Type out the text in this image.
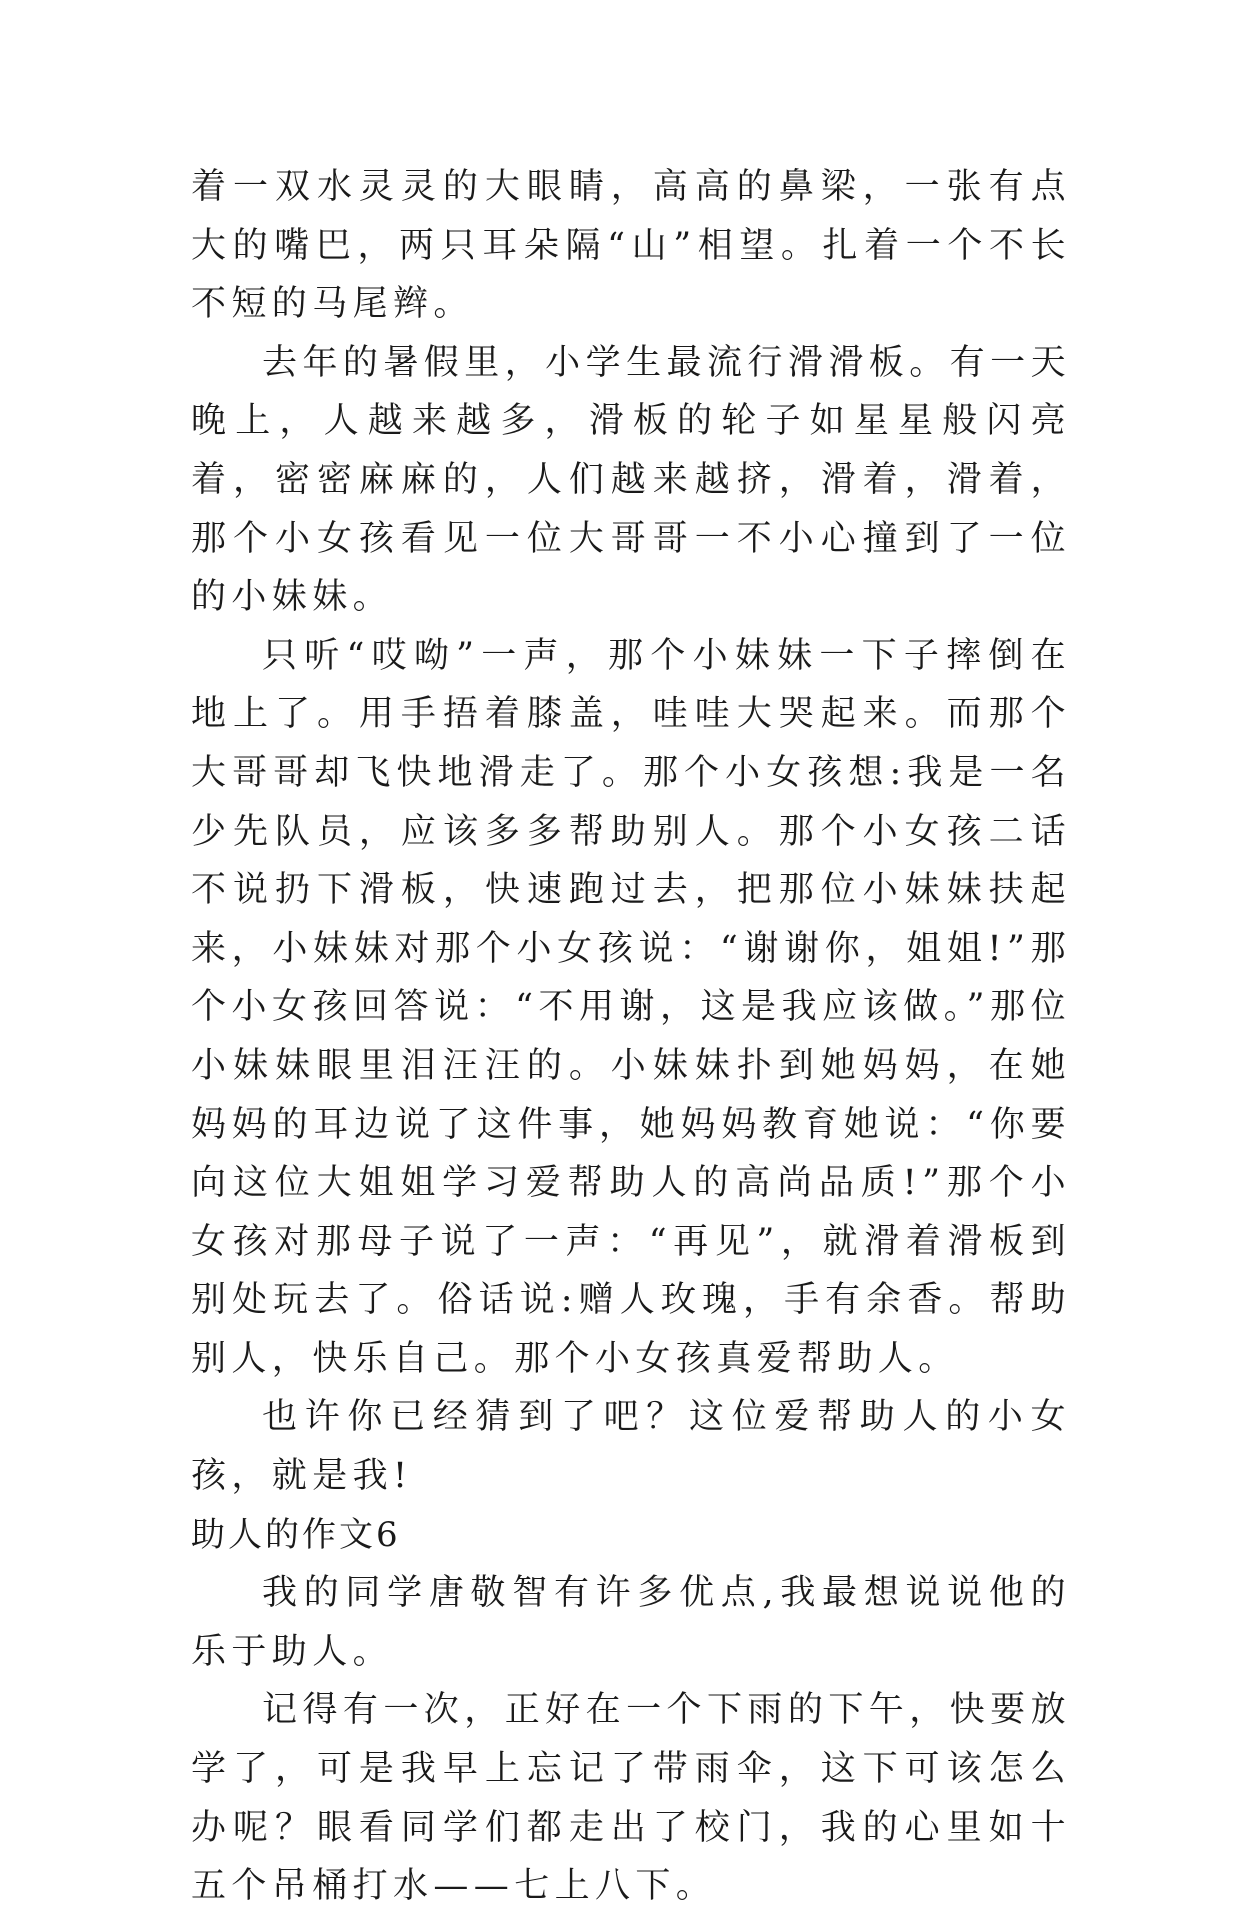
着一双水灵灵的大眼睛，高高的鼻梁，一张有点大的嘴巴，两只耳朵隔“山”相望。扎着一个不长不短的马尾辫。

去年的暑假里，小学生最流行滑滑板。有一天晚上，人越来越多，滑板的轮子如星星般闪亮着，密密麻麻的，人们越来越挤，滑着，滑着，那个小女孩看见一位大哥哥一不小心撞到了一位的小妹妹。

只听“哎呦”一声，那个小妹妹一下子摔倒在地上了。用手捂着膝盖，哇哇大哭起来。而那个大哥哥却飞快地滑走了。那个小女孩想:我是一名少先队员，应该多多帮助别人。那个小女孩二话不说扔下滑板，快速跑过去，把那位小妹妹扶起来，小妹妹对那个小女孩说：“谢谢你，姐姐!”那个小女孩回答说：“不用谢，这是我应该做。”那位小妹妹眼里泪汪汪的。小妹妹扑到她妈妈，在她妈妈的耳边说了这件事，她妈妈教育她说：“你要向这位大姐姐学习爱帮助人的高尚品质!”那个小女孩对那母子说了一声：“再见”，就滑着滑板到别处玩去了。俗话说:赠人玫瑰，手有余香。帮助别人，快乐自己。那个小女孩真爱帮助人。

也许你已经猜到了吧？这位爱帮助人的小女孩，就是我!

助人的作文6

我的同学唐敬智有许多优点,我最想说说他的乐于助人。

记得有一次，正好在一个下雨的下午，快要放学了，可是我早上忘记了带雨伞，这下可该怎么办呢？眼看同学们都走出了校门，我的心里如十五个吊桶打水——七上八下。
